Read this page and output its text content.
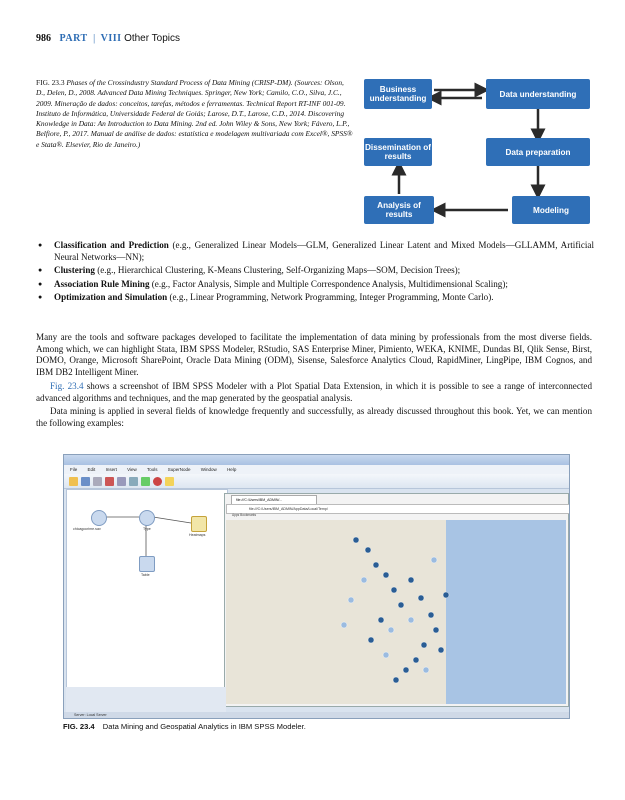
986 PART | VIII Other Topics
FIG. 23.3 Phases of the Crossindustry Standard Process of Data Mining (CRISP-DM). (Sources: Olson, D., Delen, D., 2008. Advanced Data Mining Techniques. Springer, New York; Camilo, C.O., Silva, J.C., 2009. Mineração de dados: conceitos, tarefas, métodos e ferramentas. Technical Report RT-INF 001-09. Instituto de Informática, Universidade Federal de Goiás; Larose, D.T., Larose, C.D., 2014. Discovering Knowledge in Data: An Introduction to Data Mining. 2nd ed. John Wiley & Sons, New York; Fávero, L.P., Belfiore, P., 2017. Manual de análise de dados: estatística e modelagem multivariada com Excel®, SPSS® e Stata®. Elsevier, Rio de Janeiro.)
Business understanding	Data understanding
Dissemination of results	Data preparation
Analysis of results	Modeling
● Classification and Prediction (e.g., Generalized Linear Models—GLM, Generalized Linear Latent and Mixed Models—GLLAMM, Artificial Neural Networks—NN);
● Clustering (e.g., Hierarchical Clustering, K-Means Clustering, Self-Organizing Maps—SOM, Decision Trees);
● Association Rule Mining (e.g., Factor Analysis, Simple and Multiple Correspondence Analysis, Multidimensional Scaling);
● Optimization and Simulation (e.g., Linear Programming, Network Programming, Integer Programming, Monte Carlo).

Many are the tools and software packages developed to facilitate the implementation of data mining by professionals from the most diverse fields. Among which, we can highlight Stata, IBM SPSS Modeler, RStudio, SAS Enterprise Miner, Pimiento, WEKA, KNIME, Dundas BI, Qlik Sense, Birst, DOMO, Orange, Microsoft SharePoint, Oracle Data Mining (ODM), Sisense, Salesforce Analytics Cloud, RapidMiner, LingPipe, IBM Cognos, and IBM DB2 Intelligent Miner.

Fig. 23.4 shows a screenshot of IBM SPSS Modeler with a Plot Spatial Data Extension, in which it is possible to see a range of interconnected advanced algorithms and techniques, and the map generated by the geospatial analysis.

Data mining is applied in several fields of knowledge frequently and successfully, as already discussed throughout this book. Yet, we can mention the following examples:

File Edit Insert View Tools SuperNode Window Help
chicagocrime.sav	Type
Heatmaps
Table
file:///C:/Users/IBM_ADMIN/...
file:///C:/Users/IBM_ADMIN/AppData/Local/Temp/
Apps Bookmarks
Server: Local Server
FIG. 23.4 Data Mining and Geospatial Analytics in IBM SPSS Modeler.
